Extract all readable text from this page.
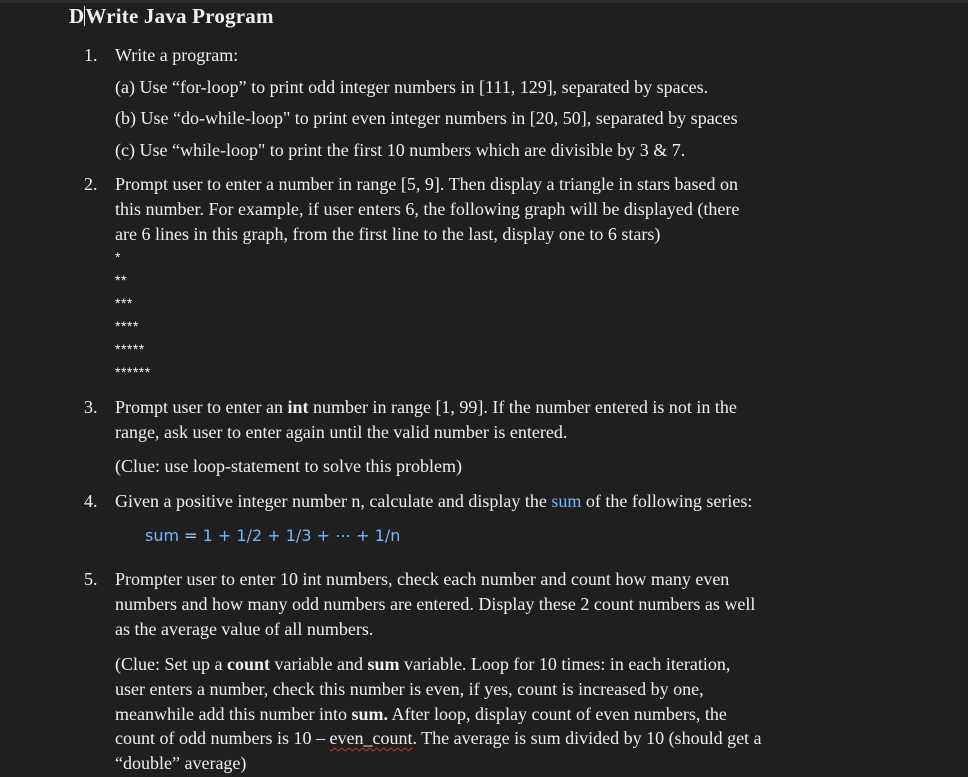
DWrite Java Program
1. Write a program:
(a) Use “for-loop” to print odd integer numbers in [111, 129], separated by spaces.
(b) Use “do-while-loop" to print even integer numbers in [20, 50], separated by spaces
(c) Use “while-loop" to print the first 10 numbers which are divisible by 3 & 7.
2. Prompt user to enter a number in range [5, 9]. Then display a triangle in stars based on
this number. For example, if user enters 6, the following graph will be displayed (there
are 6 lines in this graph, from the first line to the last, display one to 6 stars)
*
**
***
****
*****
******
3. Prompt user to enter an int number in range [1, 99]. If the number entered is not in the
range, ask user to enter again until the valid number is entered.
(Clue: use loop-statement to solve this problem)
4. Given a positive integer number n, calculate and display the sum of the following series:
sum = 1 + 1/2 + 1/3 + ⋯ + 1/n
5. Prompter user to enter 10 int numbers, check each number and count how many even
numbers and how many odd numbers are entered. Display these 2 count numbers as well
as the average value of all numbers.
(Clue: Set up a count variable and sum variable. Loop for 10 times: in each iteration,
user enters a number, check this number is even, if yes, count is increased by one,
meanwhile add this number into sum. After loop, display count of even numbers, the
count of odd numbers is 10 – even_count. The average is sum divided by 10 (should get a
“double” average)
